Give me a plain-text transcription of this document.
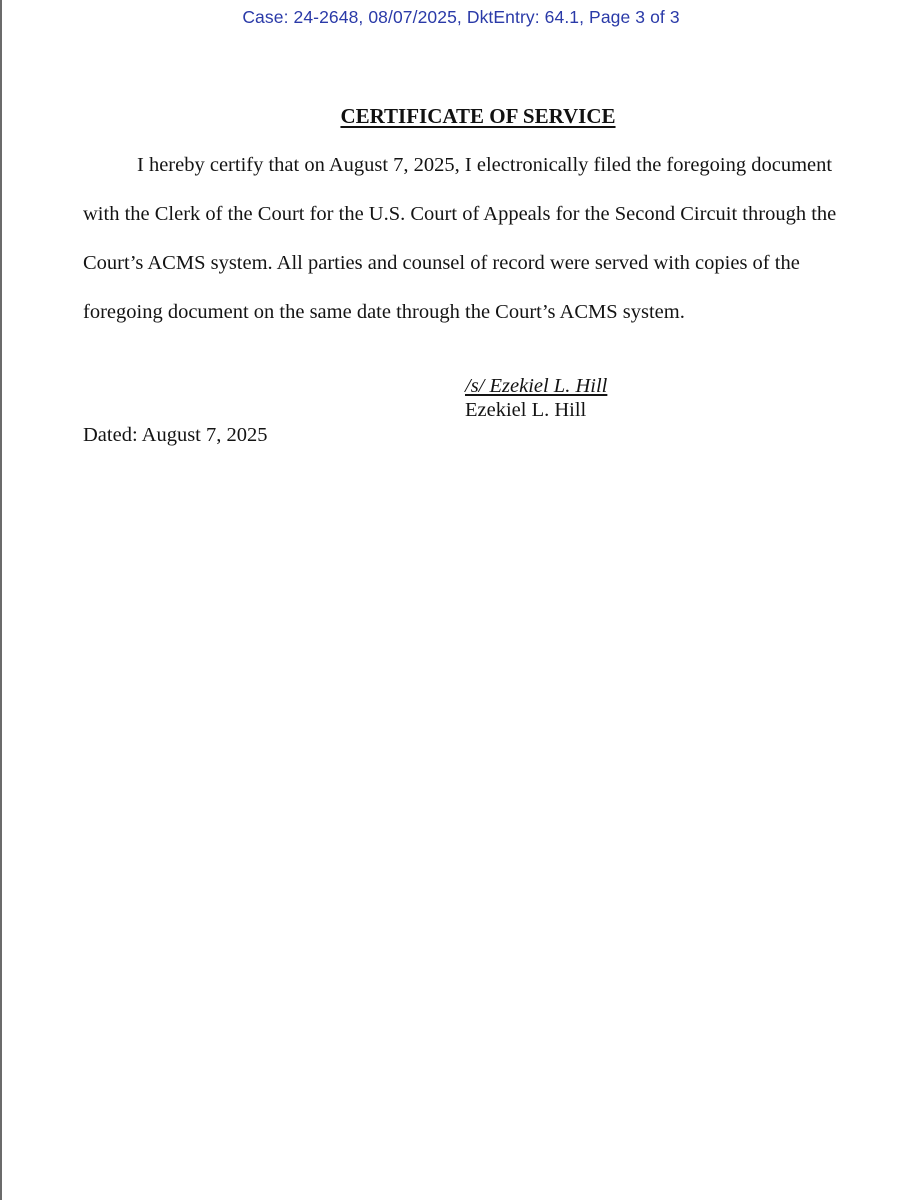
Case: 24-2648, 08/07/2025, DktEntry: 64.1, Page 3 of 3
CERTIFICATE OF SERVICE
I hereby certify that on August 7, 2025, I electronically filed the foregoing document
with the Clerk of the Court for the U.S. Court of Appeals for the Second Circuit through the
Court’s ACMS system. All parties and counsel of record were served with copies of the
foregoing document on the same date through the Court’s ACMS system.
/s/ Ezekiel L. Hill
Ezekiel L. Hill
Dated: August 7, 2025
